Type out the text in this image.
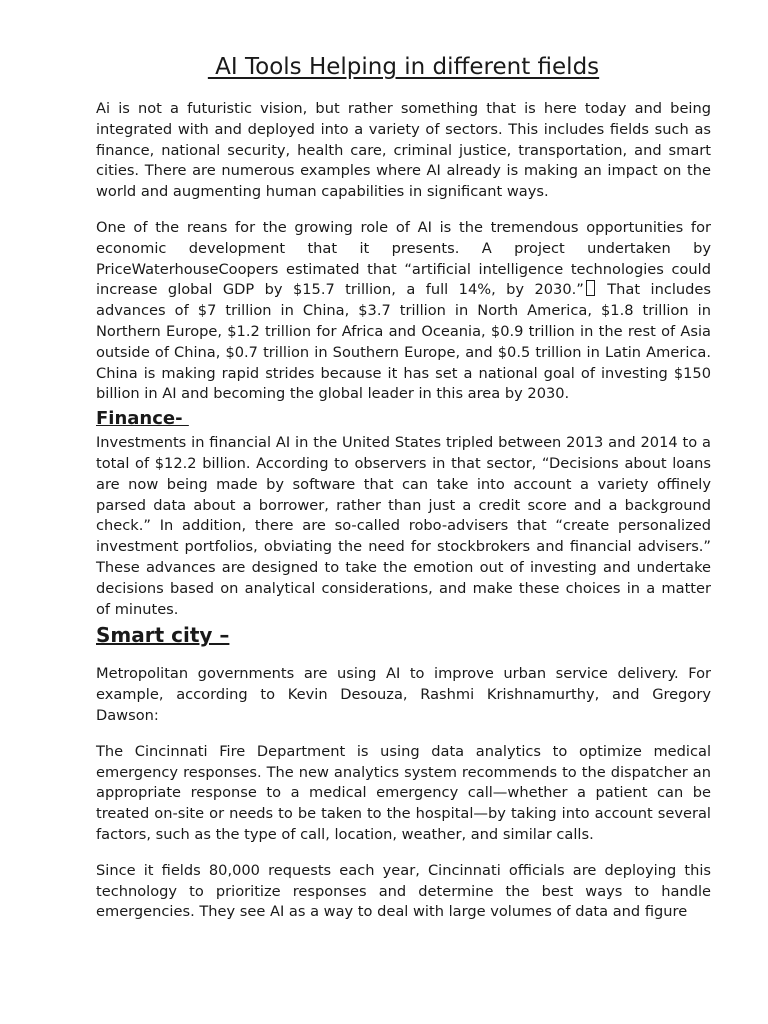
AI Tools Helping in different fields

Ai is not a futuristic vision, but rather something that is here today and being integrated with and deployed into a variety of sectors. This includes fields such as finance, national security, health care, criminal justice, transportation, and smart cities. There are numerous examples where AI already is making an impact on the world and augmenting human capabilities in significant ways.

One of the reans for the growing role of AI is the tremendous opportunities for economic development that it presents. A project undertaken by PriceWaterhouseCoopers estimated that “artificial intelligence technologies could increase global GDP by $15.7 trillion, a full 14%, by 2030.” That includes advances of $7 trillion in China, $3.7 trillion in North America, $1.8 trillion in Northern Europe, $1.2 trillion for Africa and Oceania, $0.9 trillion in the rest of Asia outside of China, $0.7 trillion in Southern Europe, and $0.5 trillion in Latin America. China is making rapid strides because it has set a national goal of investing $150 billion in AI and becoming the global leader in this area by 2030.

Finance-

Investments in financial AI in the United States tripled between 2013 and 2014 to a total of $12.2 billion. According to observers in that sector, “Decisions about loans are now being made by software that can take into account a variety offinely parsed data about a borrower, rather than just a credit score and a background check.” In addition, there are so-called robo-advisers that “create personalized investment portfolios, obviating the need for stockbrokers and financial advisers.” These advances are designed to take the emotion out of investing and undertake decisions based on analytical considerations, and make these choices in a matter of minutes.

Smart city –

Metropolitan governments are using AI to improve urban service delivery. For example, according to Kevin Desouza, Rashmi Krishnamurthy, and Gregory Dawson:

The Cincinnati Fire Department is using data analytics to optimize medical emergency responses. The new analytics system recommends to the dispatcher an appropriate response to a medical emergency call—whether a patient can be treated on-site or needs to be taken to the hospital—by taking into account several factors, such as the type of call, location, weather, and similar calls.

Since it fields 80,000 requests each year, Cincinnati officials are deploying this technology to prioritize responses and determine the best ways to handle emergencies. They see AI as a way to deal with large volumes of data and figure
